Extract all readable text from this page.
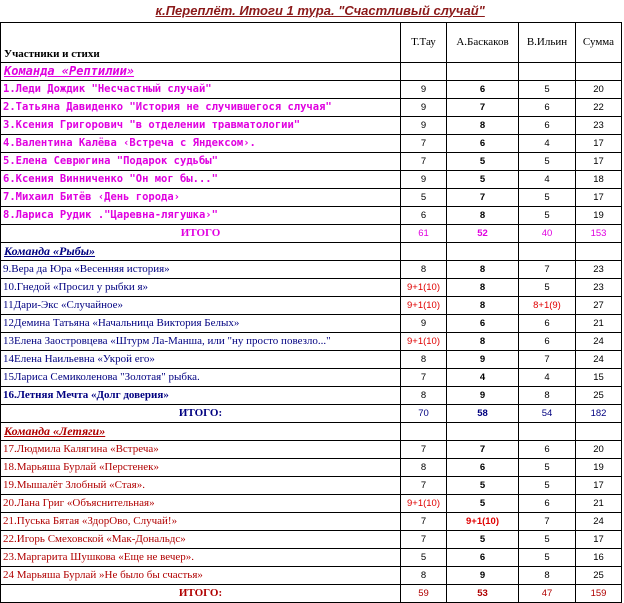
к.Переплёт. Итоги 1 тура. "Счастливый случай"				
Участники и стихи	Т.Тау	А.Баскаков	В.Ильин	Сумма
Команда «Рептилии»				
1.Леди Дождик "Несчастный случай"	9	6	5	20
2.Татьяна Давиденко "История не случившегося случая"	9	7	6	22
3.Ксения Григорович "в отделении травматологии"	9	8	6	23
4.Валентина Калёва ‹Встреча с Яндексом›.	7	6	4	17
5.Елена Севрюгина "Подарок судьбы"	7	5	5	17
6.Ксения Винниченко "Он мог бы..."	9	5	4	18
7.Михаил Битёв ‹День города›	5	7	5	17
8.Лариса Рудик ."Царевна-лягушка›"	6	8	5	19
ИТОГО	61	52	40	153
Команда «Рыбы»				
9.Вера да Юра «Весенняя история»	8	8	7	23
10.Гнедой «Просил у рыбки я»	9+1(10)	8	5	23
11Дари-Экс «Случайное»	9+1(10)	8	8+1(9)	27
12Демина Татьяна «Начальница Виктория Белых»	9	6	6	21
13Елена Заостровцева «Штурм Ла-Манша, или "ну просто повезло..."	9+1(10)	8	6	24
14Елена Наильевна «Укрой его»	8	9	7	24
15Лариса Семиколенова "Золотая" рыбка.	7	4	4	15
16.Летняя Мечта «Долг доверия»	8	9	8	25
ИТОГО:	70	58	54	182
Команда «Летяги»				
17.Людмила Калягина «Встреча»	7	7	6	20
18.Марьяша Бурлай «Перстенек»	8	6	5	19
19.Мышалёт Злобный «Стая».	7	5	5	17
20.Лана Григ «Объяснительная»	9+1(10)	5	6	21
21.Пуська Бятая «ЗдорОво, Случай!»	7	9+1(10)	7	24
22.Игорь Смеховской «Мак-Дональдс»	7	5	5	17
23.Маргарита Шушкова «Еще не вечер».	5	6	5	16
24 Марьяша Бурлай »Не было бы счастья»	8	9	8	25
ИТОГО:	59	53	47	159
